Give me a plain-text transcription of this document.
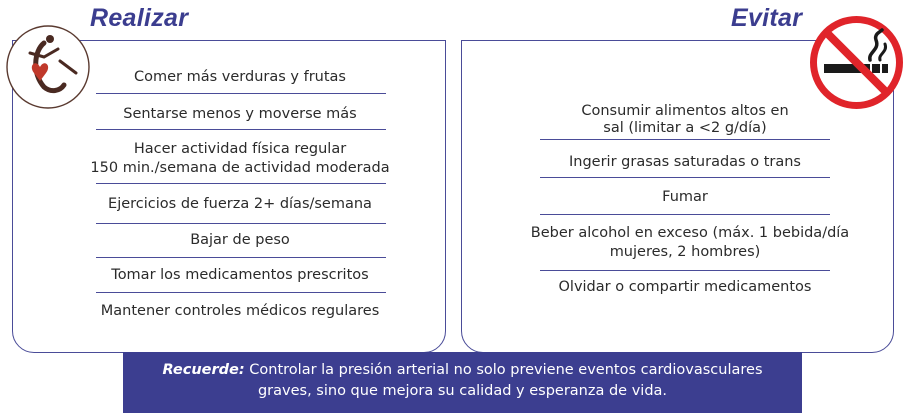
Realizar	Evitar
Comer más verduras y frutas
Sentarse menos y moverse más
Hacer actividad física regular
150 min./semana de actividad moderada
Ejercicios de fuerza 2+ días/semana
Bajar de peso
Tomar los medicamentos prescritos
Mantener controles médicos regulares
Consumir alimentos altos en
sal (limitar a <2 g/día)
Ingerir grasas saturadas o trans
Fumar
Beber alcohol en exceso (máx. 1 bebida/día
mujeres, 2 hombres)
Olvidar o compartir medicamentos
Recuerde: Controlar la presión arterial no solo previene eventos cardiovasculares
graves, sino que mejora su calidad y esperanza de vida.
